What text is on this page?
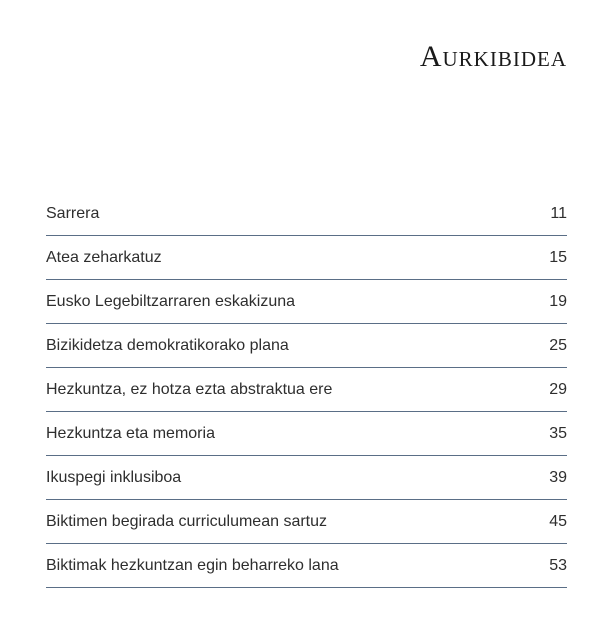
Aurkibidea
Sarrera	11
Atea zeharkatuz	15
Eusko Legebiltzarraren eskakizuna	19
Bizikidetza demokratikorako plana	25
Hezkuntza, ez hotza ezta abstraktua ere	29
Hezkuntza eta memoria	35
Ikuspegi inklusiboa	39
Biktimen begirada curriculumean sartuz	45
Biktimak hezkuntzan egin beharreko lana	53
